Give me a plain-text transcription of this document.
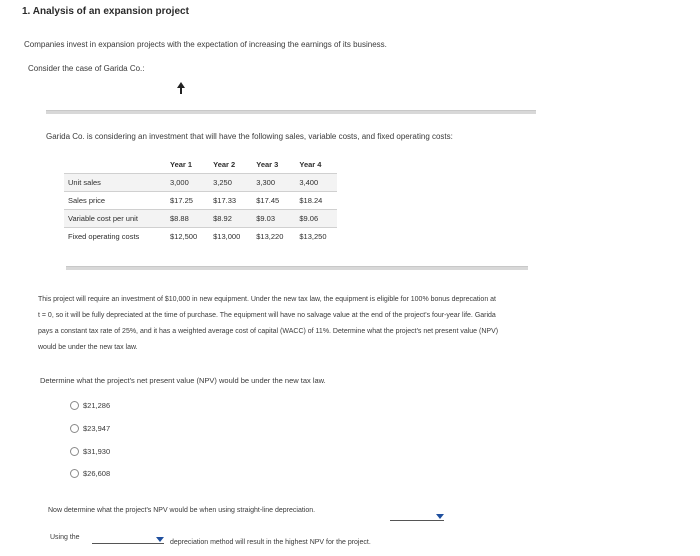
1. Analysis of an expansion project
Companies invest in expansion projects with the expectation of increasing the earnings of its business.
Consider the case of Garida Co.:
Garida Co. is considering an investment that will have the following sales, variable costs, and fixed operating costs:
	Year 1	Year 2	Year 3	Year 4
Unit sales	3,000	3,250	3,300	3,400
Sales price	$17.25	$17.33	$17.45	$18.24
Variable cost per unit	$8.88	$8.92	$9.03	$9.06
Fixed operating costs	$12,500	$13,000	$13,220	$13,250
This project will require an investment of $10,000 in new equipment. Under the new tax law, the equipment is eligible for 100% bonus deprecation at
t = 0, so it will be fully depreciated at the time of purchase. The equipment will have no salvage value at the end of the project's four-year life. Garida
pays a constant tax rate of 25%, and it has a weighted average cost of capital (WACC) of 11%. Determine what the project's net present value (NPV)
would be under the new tax law.
Determine what the project's net present value (NPV) would be under the new tax law.
$21,286
$23,947
$31,930
$26,608
Now determine what the project's NPV would be when using straight-line depreciation.
Using the
depreciation method will result in the highest NPV for the project.
